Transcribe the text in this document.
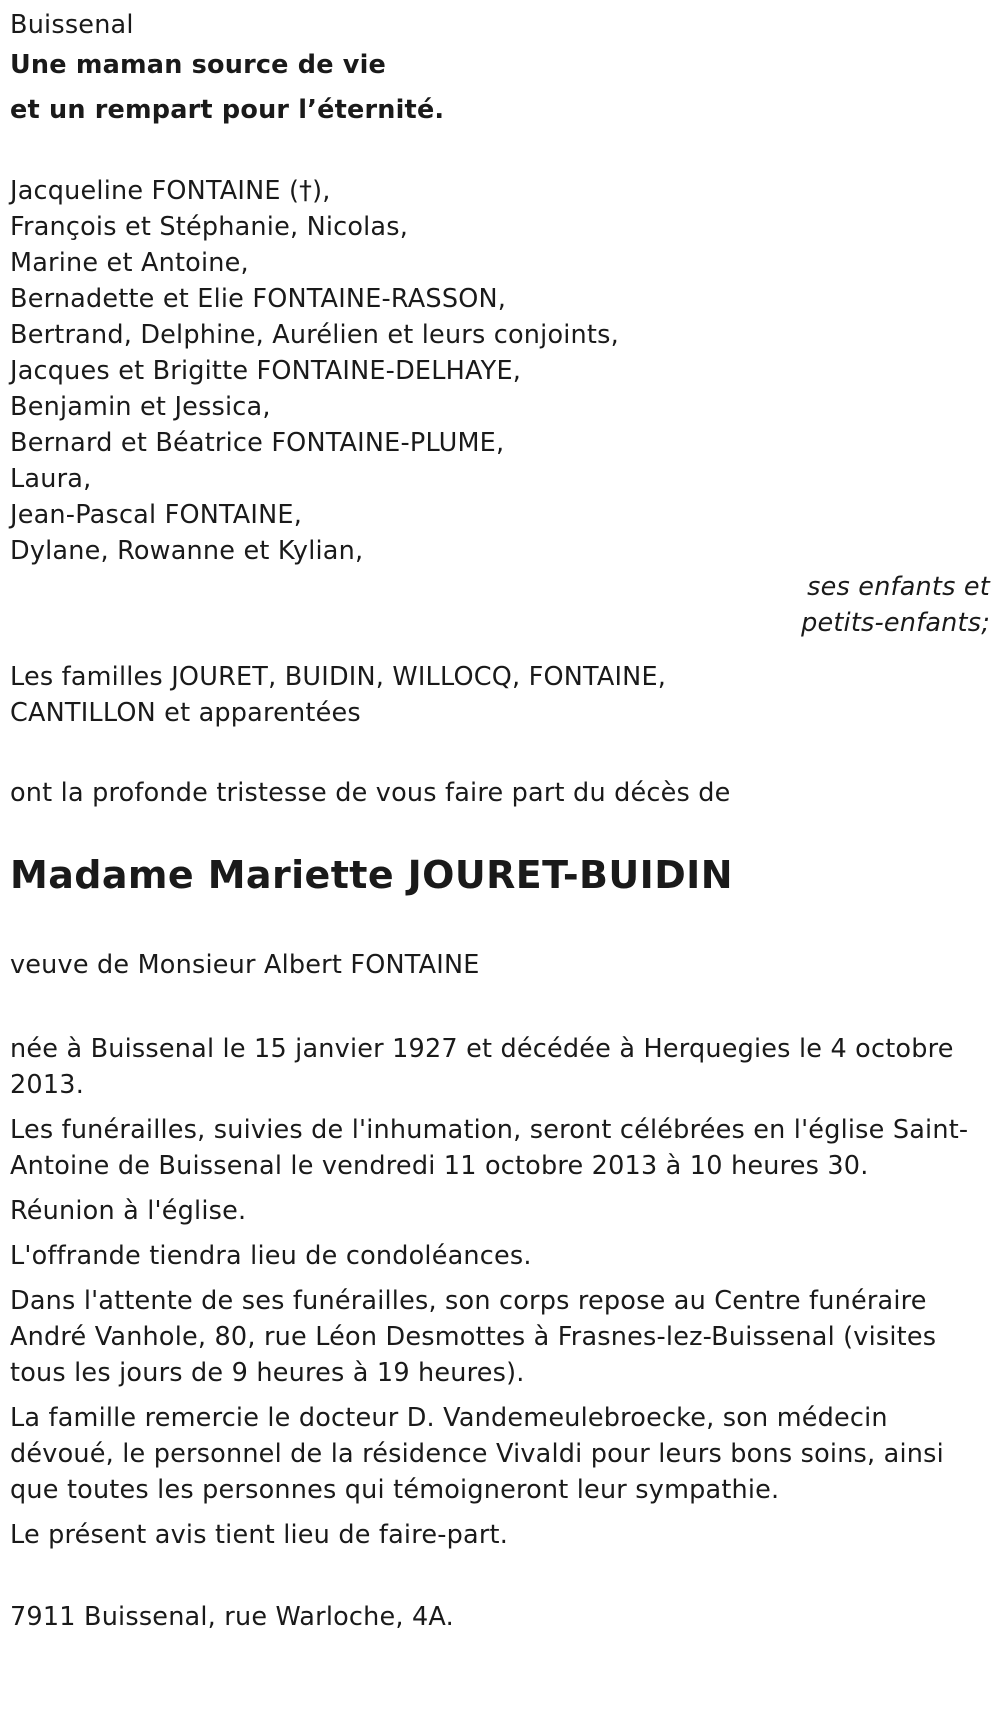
Buissenal
Une maman source de vie
et un rempart pour l’éternité.
Jacqueline FONTAINE (†),
François et Stéphanie, Nicolas,
Marine et Antoine,
Bernadette et Elie FONTAINE-RASSON,
Bertrand, Delphine, Aurélien et leurs conjoints,
Jacques et Brigitte FONTAINE-DELHAYE,
Benjamin et Jessica,
Bernard et Béatrice FONTAINE-PLUME,
Laura,
Jean-Pascal FONTAINE,
Dylane, Rowanne et Kylian,
ses enfants et
petits-enfants;
Les familles JOURET, BUIDIN, WILLOCQ, FONTAINE,
CANTILLON et apparentées
ont la profonde tristesse de vous faire part du décès de
Madame Mariette JOURET-BUIDIN
veuve de Monsieur Albert FONTAINE
née à Buissenal le 15 janvier 1927 et décédée à Herquegies le 4 octobre 2013.
Les funérailles, suivies de l'inhumation, seront célébrées en l'église Saint-Antoine de Buissenal le vendredi 11 octobre 2013 à 10 heures 30.
Réunion à l'église.
L'offrande tiendra lieu de condoléances.
Dans l'attente de ses funérailles, son corps repose au Centre funéraire André Vanhole, 80, rue Léon Desmottes à Frasnes-lez-Buissenal (visites tous les jours de 9 heures à 19 heures).
La famille remercie le docteur D. Vandemeulebroecke, son médecin dévoué, le personnel de la résidence Vivaldi pour leurs bons soins, ainsi que toutes les personnes qui témoigneront leur sympathie.
Le présent avis tient lieu de faire-part.
7911 Buissenal, rue Warloche, 4A.
